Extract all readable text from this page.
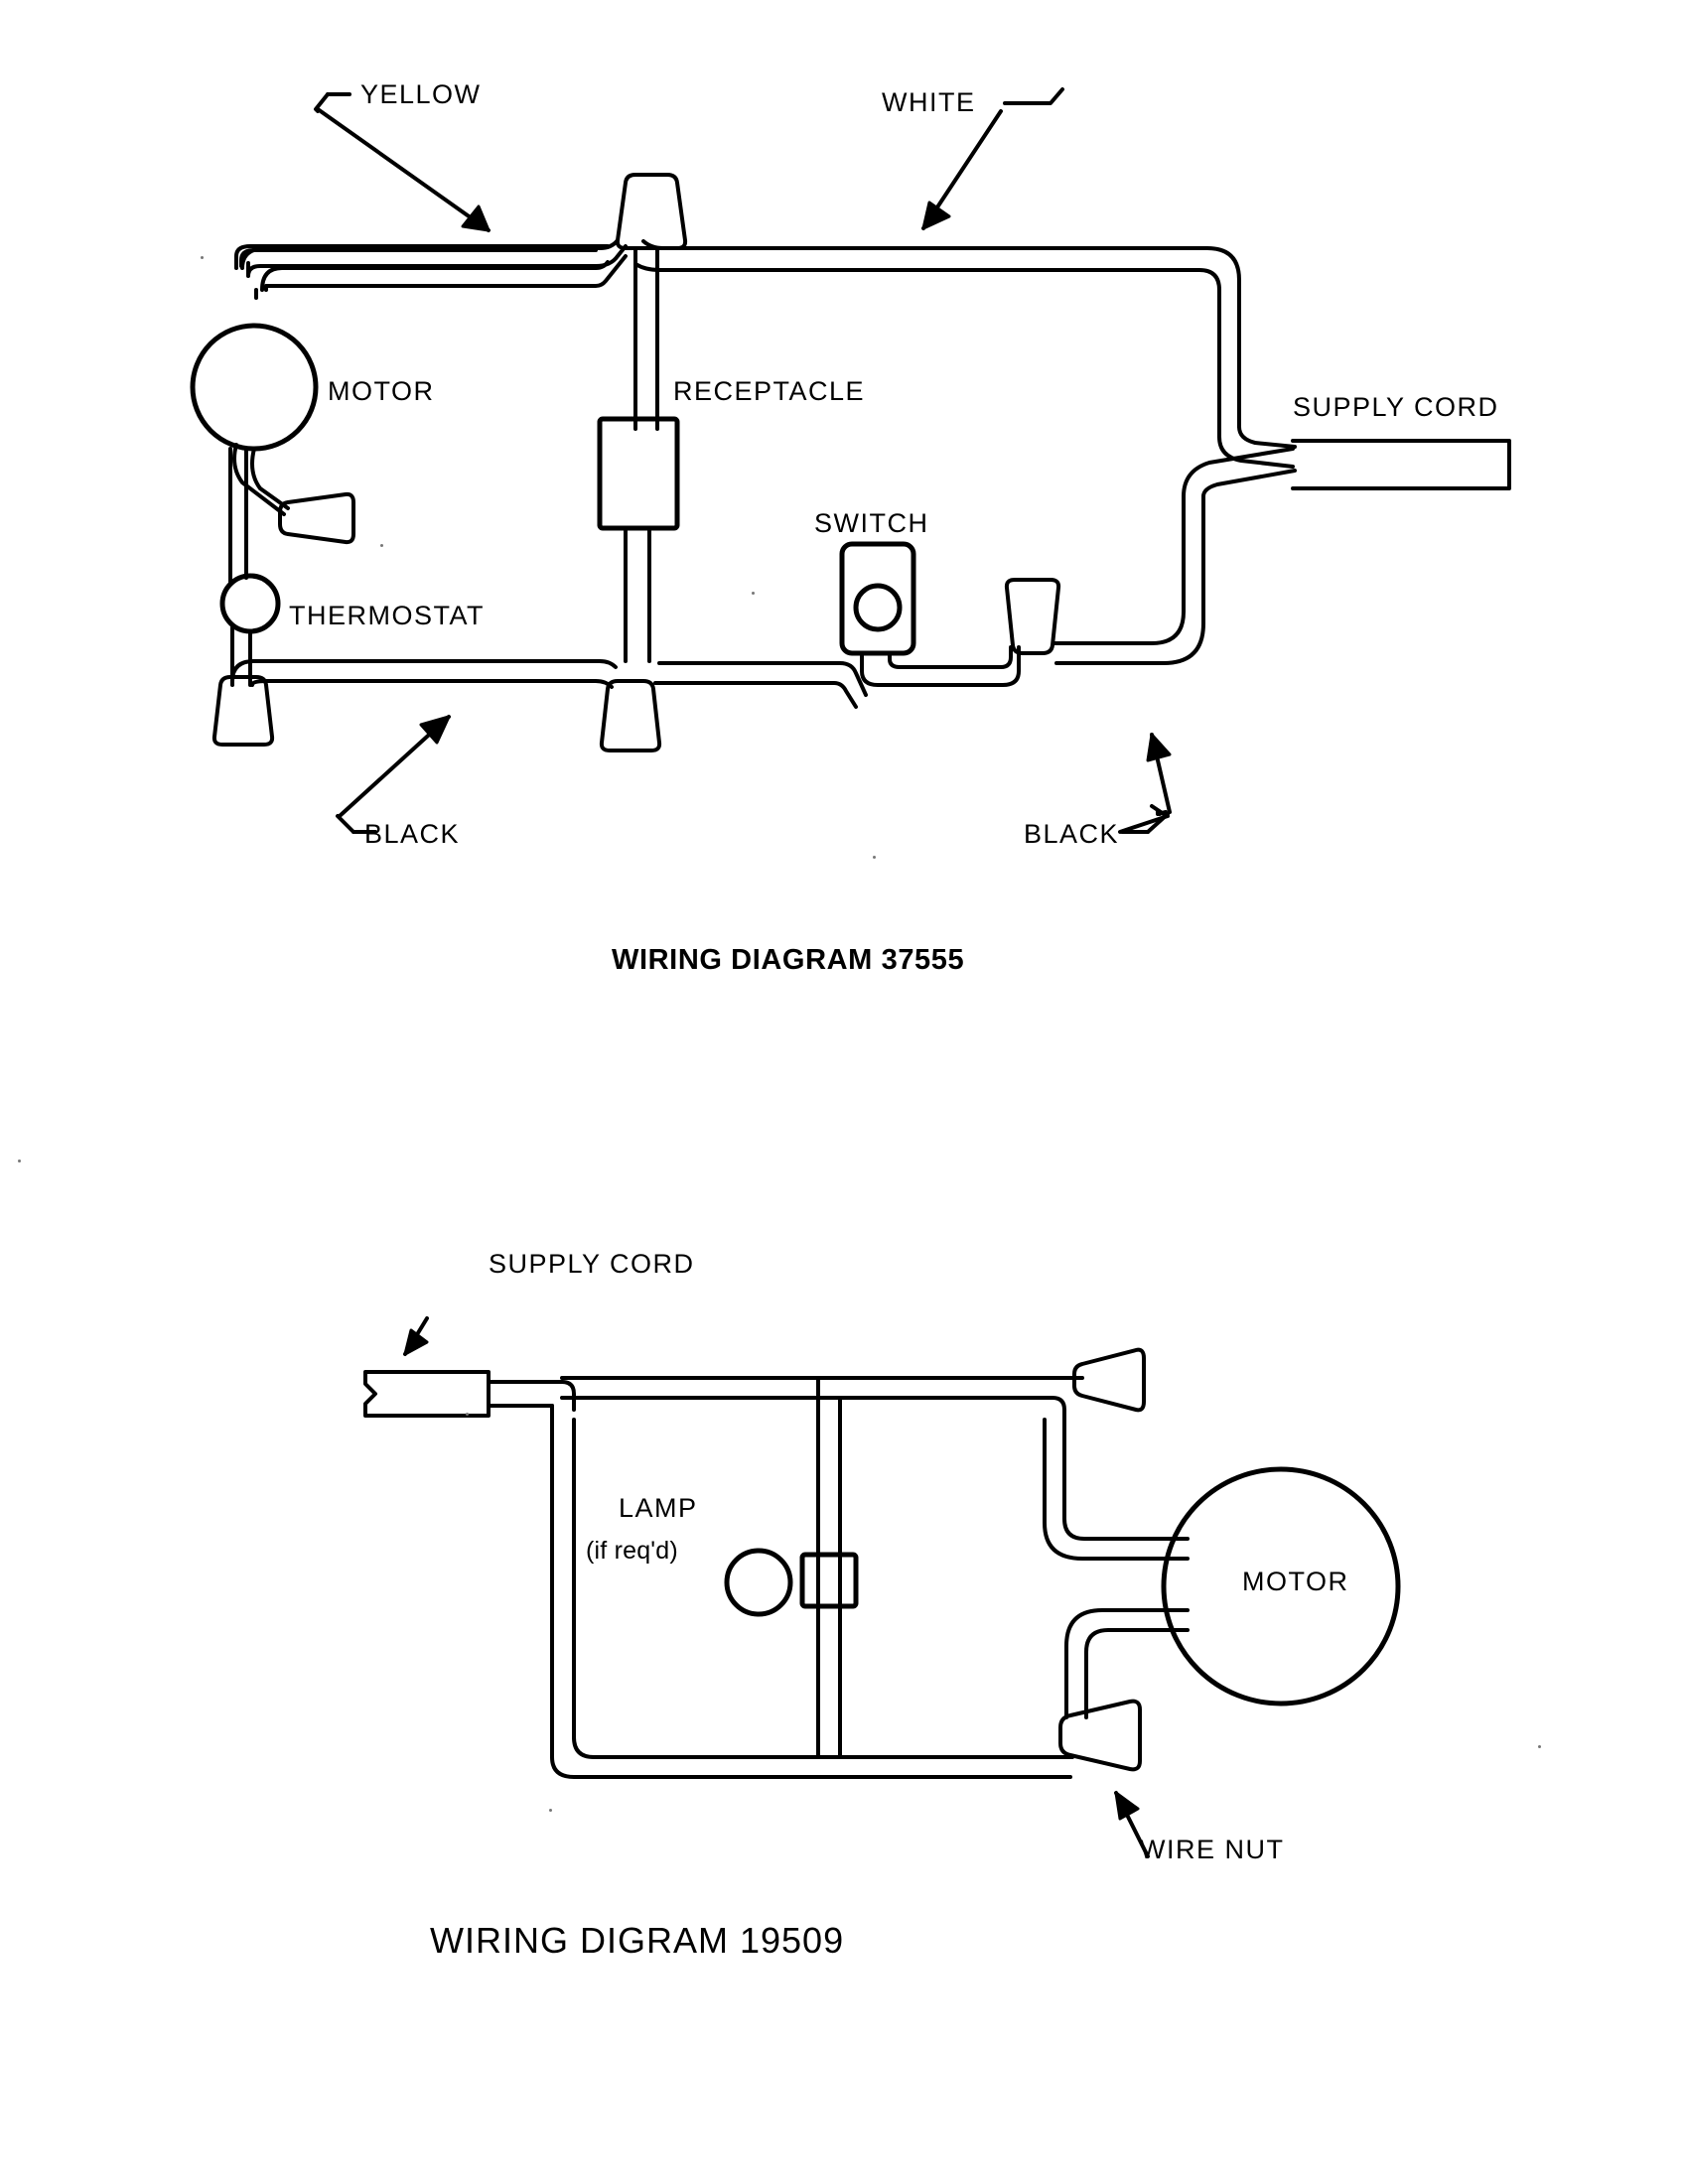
YELLOW	WHITE
MOTOR	RECEPTACLE
SUPPLY CORD
SWITCH
THERMOSTAT
BLACK	BLACK
WIRING DIAGRAM 37555
SUPPLY CORD
LAMP
(if req'd)
MOTOR
WIRE NUT
WIRING DIGRAM 19509
